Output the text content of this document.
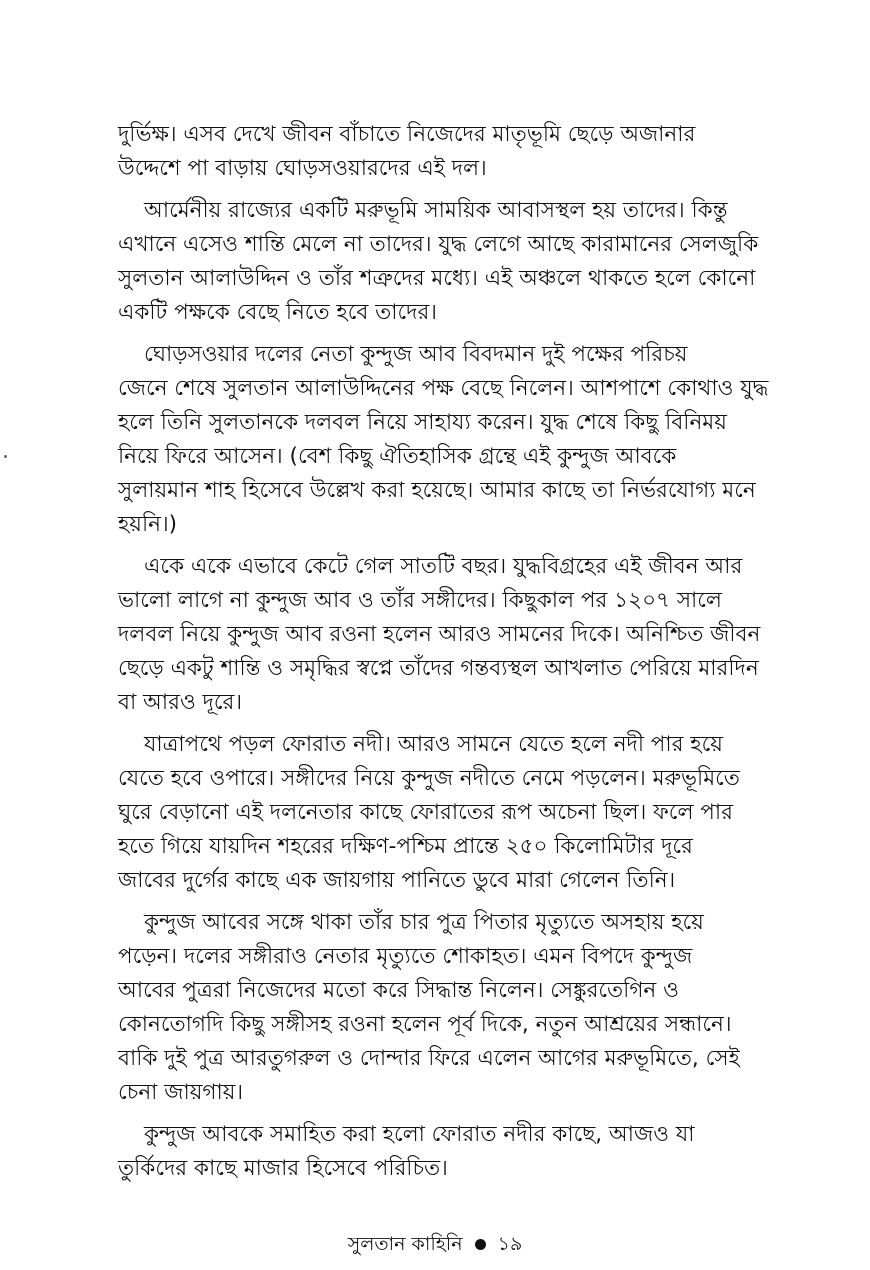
দুর্ভিক্ষ। এসব দেখে জীবন বাঁচাতে নিজেদের মাতৃভূমি ছেড়ে অজানার
উদ্দেশে পা বাড়ায় ঘোড়সওয়ারদের এই দল।
আর্মেনীয় রাজ্যের একটি মরুভূমি সাময়িক আবাসস্থল হয় তাদের। কিন্তু
এখানে এসেও শান্তি মেলে না তাদের। যুদ্ধ লেগে আছে কারামানের সেলজুকি
সুলতান আলাউদ্দিন ও তাঁর শত্রুদের মধ্যে। এই অঞ্চলে থাকতে হলে কোনো
একটি পক্ষকে বেছে নিতে হবে তাদের।
ঘোড়সওয়ার দলের নেতা কুন্দুজ আব বিবদমান দুই পক্ষের পরিচয়
জেনে শেষে সুলতান আলাউদ্দিনের পক্ষ বেছে নিলেন। আশপাশে কোথাও যুদ্ধ
হলে তিনি সুলতানকে দলবল নিয়ে সাহায্য করেন। যুদ্ধ শেষে কিছু বিনিময়
নিয়ে ফিরে আসেন। (বেশ কিছু ঐতিহাসিক গ্রন্থে এই কুন্দুজ আবকে
সুলায়মান শাহ হিসেবে উল্লেখ করা হয়েছে। আমার কাছে তা নির্ভরযোগ্য মনে
হয়নি।)
একে একে এভাবে কেটে গেল সাতটি বছর। যুদ্ধবিগ্রহের এই জীবন আর
ভালো লাগে না কুন্দুজ আব ও তাঁর সঙ্গীদের। কিছুকাল পর ১২০৭ সালে
দলবল নিয়ে কুন্দুজ আব রওনা হলেন আরও সামনের দিকে। অনিশ্চিত জীবন
ছেড়ে একটু শান্তি ও সমৃদ্ধির স্বপ্নে তাঁদের গন্তব্যস্থল আখলাত পেরিয়ে মারদিন
বা আরও দূরে।
যাত্রাপথে পড়ল ফোরাত নদী। আরও সামনে যেতে হলে নদী পার হয়ে
যেতে হবে ওপারে। সঙ্গীদের নিয়ে কুন্দুজ নদীতে নেমে পড়লেন। মরুভূমিতে
ঘুরে বেড়ানো এই দলনেতার কাছে ফোরাতের রূপ অচেনা ছিল। ফলে পার
হতে গিয়ে যায়দিন শহরের দক্ষিণ-পশ্চিম প্রান্তে ২৫০ কিলোমিটার দূরে
জাবের দুর্গের কাছে এক জায়গায় পানিতে ডুবে মারা গেলেন তিনি।
কুন্দুজ আবের সঙ্গে থাকা তাঁর চার পুত্র পিতার মৃত্যুতে অসহায় হয়ে
পড়েন। দলের সঙ্গীরাও নেতার মৃত্যুতে শোকাহত। এমন বিপদে কুন্দুজ
আবের পুত্ররা নিজেদের মতো করে সিদ্ধান্ত নিলেন। সেঙ্কুরতেগিন ও
কোনতোগদি কিছু সঙ্গীসহ রওনা হলেন পূর্ব দিকে, নতুন আশ্রয়ের সন্ধানে।
বাকি দুই পুত্র আরতুগরুল ও দোন্দার ফিরে এলেন আগের মরুভূমিতে, সেই
চেনা জায়গায়।
কুন্দুজ আবকে সমাহিত করা হলো ফোরাত নদীর কাছে, আজও যা
তুর্কিদের কাছে মাজার হিসেবে পরিচিত।
সুলতান কাহিনি ১৯
